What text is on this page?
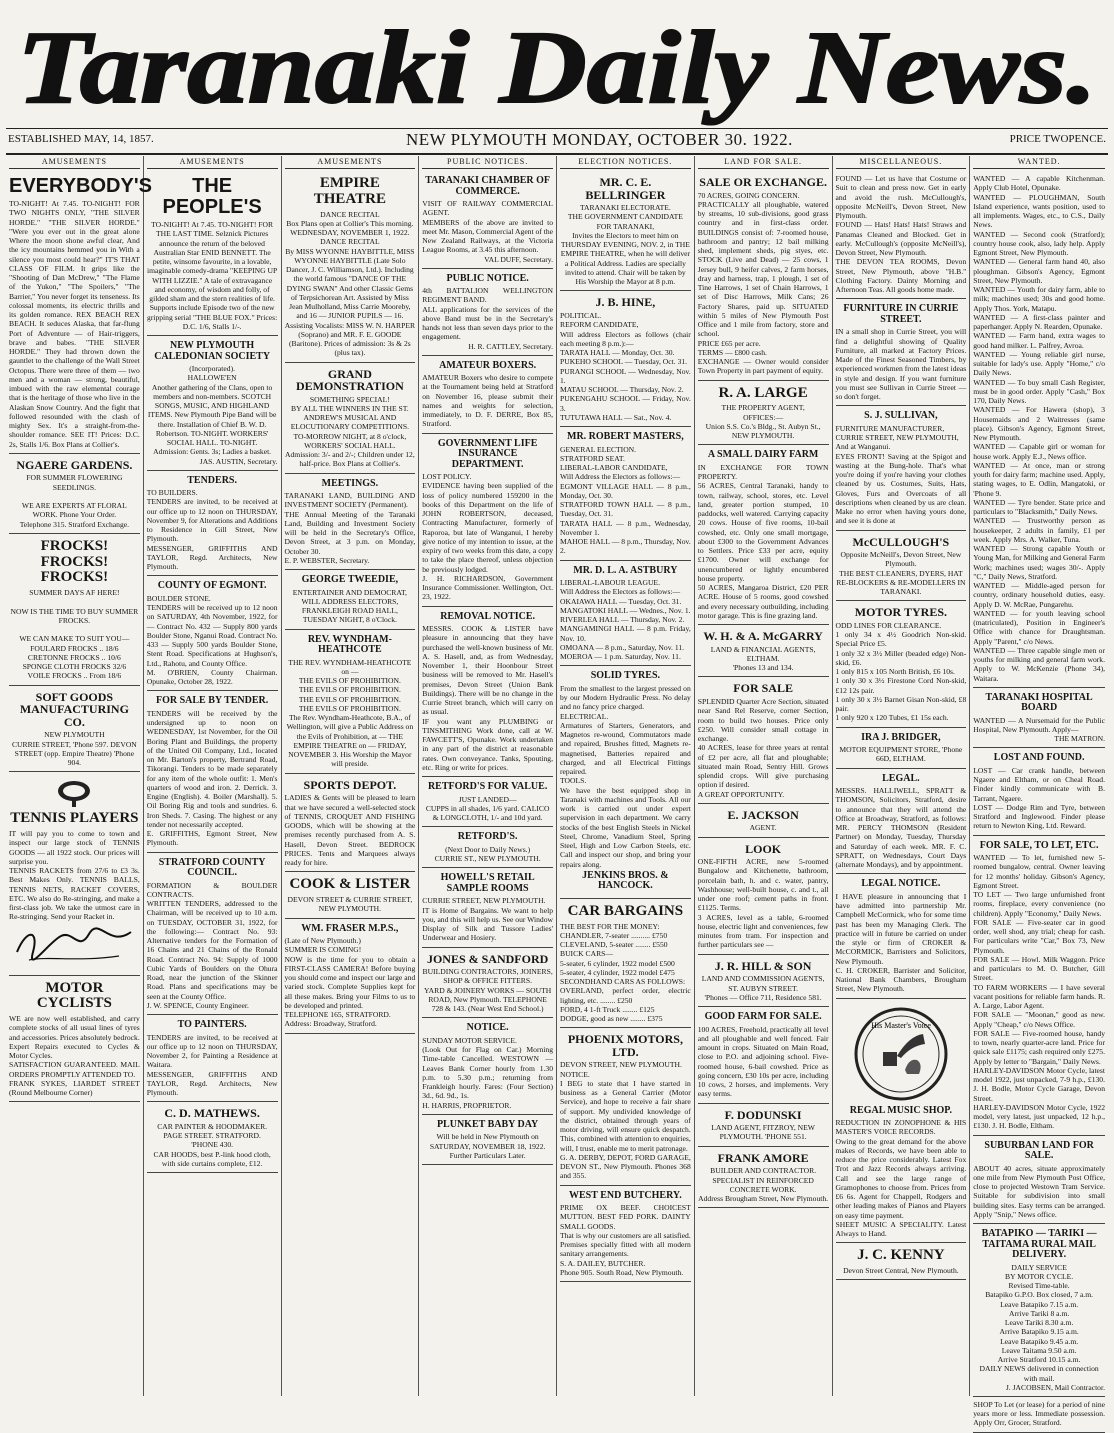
Taranaki Daily News.
ESTABLISHED MAY, 14, 1857.	NEW PLYMOUTH MONDAY, OCTOBER 30. 1922.	PRICE TWOPENCE.
AMUSEMENTS
EVERYBODY'S
TO-NIGHT! At 7.45. TO-NIGHT! FOR TWO NIGHTS ONLY, "THE SILVER HORDE." "THE SILVER HORDE." "Were you ever out in the great alone Where the moon shone awful clear, And the icy mountains hemmed you in With a silence you most could hear?" IT'S THAT CLASS OF FILM. It grips like the "Shooting of Dan McDrew," "The Flame of the Yukon," "The Spoilers," "The Barrier," You never forget its tenseness. Its colossal moments, its electric thrills and its golden romance. REX BEACH REX BEACH. It seduces Alaska, that far-flung Port of Adventure — of Hair-triggers, brave and babes. "THE SILVER HORDE." They had thrown down the gauntlet to the challenge of the Wall Street Octopus. There were three of them — two men and a woman — strong, beautiful, imbued with the raw elemental courage that is the heritage of those who live in the Alaskan Snow Country. And the fight that followed resounded with the clash of mighty Sex. It's a straight-from-the-shoulder romance. SEE IT! Prices: D.C. 2s, Stalls 1/6. Box Plans at Collier's.
NGAERE GARDENS.
FOR SUMMER FLOWERING SEEDLINGS.

WE ARE EXPERTS AT FLORAL WORK. Phone Your Order.
Telephone 315. Stratford Exchange.
FROCKS! FROCKS! FROCKS!
SUMMER DAYS AF HERE!

NOW IS THE TIME TO BUY SUMMER FROCKS.

WE CAN MAKE TO SUIT YOU—
FOULARD FROCKS .. 18/6
CRETONNE FROCKS .. 10/6
SPONGE CLOTH FROCKS 32/6
VOILE FROCKS .. From 18/6
SOFT GOODS MANUFACTURING CO.
NEW PLYMOUTH
CURRIE STREET, 'Phone 597. DEVON STREET (opp. Empire Theatre) 'Phone 904.
TENNIS PLAYERS
IT will pay you to come to town and inspect our large stock of TENNIS GOODS — all 1922 stock. Our prices will surprise you.
TENNIS RACKETS from 27/6 to £3 3s. Best Makes Only. TENNIS BALLS, TENNIS NETS, RACKET COVERS, ETC. We also do Re-stringing, and make a first-class job. We take the utmost care in Re-stringing. Send your Racket in.
MOTOR CYCLISTS
WE are now well established, and carry complete stocks of all usual lines of tyres and accessories. Prices absolutely bedrock. Expert Repairs executed to Cycles & Motor Cycles.
SATISFACTION GUARANTEED. MAIL ORDERS PROMPTLY ATTENDED TO.
FRANK SYKES, LIARDET STREET (Round Melbourne Corner)
AMUSEMENTS
THE PEOPLE'S
TO-NIGHT! At 7.45. TO-NIGHT! FOR THE LAST TIME. Selznick Pictures announce the return of the beloved Australian Star ENID BENNETT. The petite, winsome favourite, in a lovable, imaginable comedy-drama "KEEPING UP WITH LIZZIE." A tale of extravagance and economy, of wisdom and folly, of gilded sham and the stern realities of life. Supports include Episode two of the new gripping serial "THE BLUE FOX." Prices: D.C. 1/6, Stalls 1/-.
NEW PLYMOUTH CALEDONIAN SOCIETY
(Incorporated).
HALLOWE'EN
Another gathering of the Clans, open to members and non-members. SCOTCH SONGS, MUSIC, AND HIGHLAND ITEMS. New Plymouth Pipe Band will be there. Installation of Chief B. W. D. Robertson. TO-NIGHT. WORKERS' SOCIAL HALL. TO-NIGHT.
Admission: Gents. 3s; Ladies a basket.
JAS. AUSTIN, Secretary.
TENDERS.
TO BUILDERS.
TENDERS are invited, to be received at our office up to 12 noon on THURSDAY, November 9, for Alterations and Additions to Residence in Gill Street, New Plymouth.
MESSENGER, GRIFFITHS AND TAYLOR, Regd. Architects, New Plymouth.
COUNTY OF EGMONT.
BOULDER STONE.
TENDERS will be received up to 12 noon on SATURDAY, 4th November, 1922, for— Contract No. 432 — Supply 800 yards Boulder Stone, Nganui Road. Contract No. 433 — Supply 500 yards Boulder Stone, Stent Road. Specifications at Hughson's, Ltd., Rahotu, and County Office.
M. O'BRIEN, County Chairman. Opunake, October 28, 1922.
FOR SALE BY TENDER.
TENDERS will be received by the undersigned up to noon on WEDNESDAY, 1st November, for the Oil Boring Plant and Buildings, the property of the United Oil Company, Ltd., located on Mr. Barton's property, Bertrand Road, Tikorangi. Tenders to be made separately for any item of the whole outfit: 1. Men's quarters of wood and iron. 2. Derrick. 3. Engine (English). 4. Boiler (Marshall). 5. Oil Boring Rig and tools and sundries. 6. Iron Sheds. 7. Casing. The highest or any tender not necessarily accepted.
E. GRIFFITHS, Egmont Street, New Plymouth.
STRATFORD COUNTY COUNCIL.
FORMATION & BOULDER CONTRACTS.
WRITTEN TENDERS, addressed to the Chairman, will be received up to 10 a.m. on TUESDAY, OCTOBER 31, 1922, for the following:— Contract No. 93: Alternative tenders for the Formation of 16 Chains and 21 Chains of the Ronald Road. Contract No. 94: Supply of 1000 Cubic Yards of Boulders on the Ohura Road, near the junction of the Skinner Road. Plans and specifications may be seen at the County Office.
J. W. SPENCE, County Engineer.
TO PAINTERS.
TENDERS are invited, to be received at our office up to 12 noon on THURSDAY, November 2, for Painting a Residence at Waitara.
MESSENGER, GRIFFITHS AND TAYLOR, Regd. Architects, New Plymouth.
C. D. MATHEWS.
CAR PAINTER & HOODMAKER.
PAGE STREET. STRATFORD.
'PHONE 430.
CAR HOODS, best P.-link hood cloth, with side curtains complete, £12.
AMUSEMENTS
EMPIRE THEATRE
DANCE RECITAL
Box Plans open at Collier's This morning.
WEDNESDAY, NOVEMBER 1, 1922.
DANCE RECITAL
By MISS WYONNE HAYBITTLE, MISS WYONNE HAYBITTLE (Late Solo Dancer, J. C. Williamson, Ltd.). Including the world famous "DANCE OF THE DYING SWAN" And other Classic Gems of Terpsichorean Art. Assisted by Miss Jean Mulholland, Miss Carrie Mooreby, and 16 — JUNIOR PUPILS — 16. Assisting Vocalists: MISS W. N. HARPER (Soprano) and MR. F. E. GOODE (Baritone). Prices of admission: 3s & 2s (plus tax).
GRAND DEMONSTRATION
SOMETHING SPECIAL!
BY ALL THE WINNERS IN THE ST. ANDREW'S MUSICAL AND ELOCUTIONARY COMPETITIONS.
TO-MORROW NIGHT, at 8 o'clock, WORKERS' SOCIAL HALL.
Admission: 3/- and 2/-; Children under 12, half-price. Box Plans at Collier's.
MEETINGS.
TARANAKI LAND, BUILDING AND INVESTMENT SOCIETY (Permanent).
THE Annual Meeting of the Taranaki Land, Building and Investment Society will be held in the Secretary's Office, Devon Street, at 3 p.m. on Monday, October 30.
E. P. WEBSTER, Secretary.
GEORGE TWEEDIE,
ENTERTAINER AND DEMOCRAT, WILL ADDRESS ELECTORS, FRANKLEIGH ROAD HALL, TUESDAY NIGHT, 8 o'Clock.
REV. WYNDHAM-HEATHCOTE
THE REV. WYNDHAM-HEATHCOTE on —
THE EVILS OF PROHIBITION.
THE EVILS OF PROHIBITION.
THE EVILS OF PROHIBITION.
THE EVILS OF PROHIBITION.
The Rev. Wyndham-Heathcote, B.A., of Wellington, will give a Public Address on the Evils of Prohibition, at — THE EMPIRE THEATRE on — FRIDAY, NOVEMBER 3. His Worship the Mayor will preside.
SPORTS DEPOT.
LADIES & Gents will be pleased to learn that we have secured a well-selected stock of TENNIS, CROQUET AND FISHING GOODS, which will be showing at the premises recently purchased from A. S. Hasell, Devon Street. BEDROCK PRICES. Tents and Marquees always ready for hire.
COOK & LISTER
DEVON STREET & CURRIE STREET, NEW PLYMOUTH.
WM. FRASER M.P.S.,
(Late of New Plymouth.)
SUMMER IS COMING!
NOW is the time for you to obtain a FIRST-CLASS CAMERA! Before buying you should come and inspect our large and varied stock. Complete Supplies kept for all these makes. Bring your Films to us to be developed and printed.
TELEPHONE 165, STRATFORD.
Address: Broadway, Stratford.
PUBLIC NOTICES.
TARANAKI CHAMBER OF COMMERCE.
VISIT OF RAILWAY COMMERCIAL AGENT.
MEMBERS of the above are invited to meet Mr. Mason, Commercial Agent of the New Zealand Railways, at the Victoria League Rooms, at 3.45 this afternoon.
VAL DUFF, Secretary.
PUBLIC NOTICE.
4th BATTALION WELLINGTON REGIMENT BAND.
ALL applications for the services of the above Band must be in the Secretary's hands not less than seven days prior to the engagement.
H. R. CATTLEY, Secretary.
AMATEUR BOXERS.
AMATEUR Boxers who desire to compete at the Tournament being held at Stratford on November 16, please submit their names and weights for selection, immediately, to D. F. DERRE, Box 85, Stratford.
GOVERNMENT LIFE INSURANCE DEPARTMENT.
LOST POLICY.
EVIDENCE having been supplied of the loss of policy numbered 159200 in the books of this Department on the life of JOHN ROBERTSON, deceased, Contracting Manufacturer, formerly of Raporoa, but late of Wanganui, I hereby give notice of my intention to issue, at the expiry of two weeks from this date, a copy to take the place thereof, unless objection be previously lodged.
J. H. RICHARDSON, Government Insurance Commissioner. Wellington, Oct. 23, 1922.
REMOVAL NOTICE.
MESSRS. COOK & LISTER have pleasure in announcing that they have purchased the well-known business of Mr. A. S. Hasell, and, as from Wednesday, November 1, their Hoonbour Street business will be removed to Mr. Hasell's premises, Devon Street (Union Bank Buildings). There will be no change in the Currie Street branch, which will carry on as usual.
IF you want any PLUMBING or TINSMITHING Work done, call at W. FAWCETT'S, Opunake. Work undertaken in any part of the district at reasonable rates. Own conveyance. Tanks, Spouting, etc. Ring or write for prices.
RETFORD'S FOR VALUE.
JUST LANDED—
CUPPS in all shades, 1/6 yard. CALICO & LONGCLOTH, 1/- and 10d yard.
RETFORD'S.
(Next Door to Daily News.)
CURRIE ST., NEW PLYMOUTH.
HOWELL'S RETAIL SAMPLE ROOMS
CURRIE STREET, NEW PLYMOUTH.
IT is Home of Bargains. We want to help you, and this will help us. See our Window Display of Silk and Tussore Ladies' Underwear and Hosiery.
JONES & SANDFORD
BUILDING CONTRACTORS, JOINERS, SHOP & OFFICE FITTERS.
YARD & JOINERY WORKS — SOUTH ROAD, New Plymouth. TELEPHONE 728 & 143. (Near West End School.)
NOTICE.
SUNDAY MOTOR SERVICE.
(Look Out for Flag on Car.) Morning Time-table Cancelled. WESTOWN — Leaves Bank Corner hourly from 1.30 p.m. to 5.30 p.m.; returning from Frankleigh hourly. Fares: (Four Section) 3d., 6d. 9d., 1s.
H. HARRIS, PROPRIETOR.
PLUNKET BABY DAY
Will be held in New Plymouth on SATURDAY, NOVEMBER 18, 1922. Further Particulars Later.
ELECTION NOTICES.
MR. C. E. BELLRINGER
TARANAKI ELECTORATE.
THE GOVERNMENT CANDIDATE FOR TARANAKI,
Invites the Electors to meet him on THURSDAY EVENING, NOV. 2, in THE EMPIRE THEATRE, when he will deliver a Political Address. Ladies are specially invited to attend. Chair will be taken by His Worship the Mayor at 8 p.m.
J. B. HINE,
POLITICAL.
REFORM CANDIDATE,
Will address Electors as follows (chair each meeting 8 p.m.):—
TARATA HALL — Monday, Oct. 30.
PUKEHO SCHOOL — Tuesday, Oct. 31.
PURANGI SCHOOL — Wednesday, Nov. 1.
MATAU SCHOOL — Thursday, Nov. 2.
PUKENGAHU SCHOOL — Friday, Nov. 3.
TUTUTAWA HALL — Sat., Nov. 4.
MR. ROBERT MASTERS,
GENERAL ELECTION.
STRATFORD SEAT.
LIBERAL-LABOR CANDIDATE,
Will Address the Electors as follows:—
EGMONT VILLAGE HALL — 8 p.m., Monday, Oct. 30.
STRATFORD TOWN HALL — 8 p.m., Tuesday, Oct. 31.
TARATA HALL — 8 p.m., Wednesday, November 1.
MAHOE HALL — 8 p.m., Thursday, Nov. 2.
MR. D. L. A. ASTBURY
LIBERAL-LABOUR LEAGUE.
Will Address the Electors as follows:—
OKAIAWA HALL — Tuesday, Oct. 31.
MANGATOKI HALL — Wednes., Nov. 1.
RIVERLEA HALL — Thursday, Nov. 2.
MANGAMINGI HALL — 8 p.m. Friday, Nov. 10.
OMOANA — 8 p.m., Saturday, Nov. 11.
MOEROA — 1 p.m. Saturday, Nov. 11.
SOLID TYRES.
From the smallest to the largest pressed on by our Modern Hydraulic Press. No delay and no fancy price charged.
ELECTRICAL.
Armatures of Starters, Generators, and Magnetos re-wound, Commutators made and repaired, Brushes fitted, Magnets re-magnetised, Batteries repaired and charged, and all Electrical Fittings repaired.
TOOLS.
We have the best equipped shop in Taranaki with machines and Tools. All our work is carried out under expert supervision in each department. We carry stocks of the best English Steels in Nickel Steel, Chrome, Vanadium Steel, Spring Steel, High and Low Carbon Steels, etc. Call and inspect our shop, and bring your repairs along.
JENKINS BROS. & HANCOCK.
CAR BARGAINS
THE BEST FOR THE MONEY:
CHANDLER, 7-seater .......... £750
CLEVELAND, 5-seater ........ £550
BUICK CARS—
5-seater, 6 cylinder, 1922 model £500
5-seater, 4 cylinder, 1922 model £475
SECONDHAND CARS AS FOLLOWS:
OVERLAND, perfect order, electric lighting, etc. ........ £250
FORD, 4 1-ft Truck ........ £125
DODGE, good as new ........ £375
PHOENIX MOTORS, LTD.
DEVON STREET, NEW PLYMOUTH.
NOTICE.
I BEG to state that I have started in business as a General Carrier (Motor Service), and hope to receive a fair share of support. My undivided knowledge of the district, obtained through years of motor driving, will ensure quick despatch. This, combined with attention to enquiries, will, I trust, enable me to merit patronage.
G. A. DERBY, DEPOT, FORD GARAGE, DEVON ST., New Plymouth. Phones 368 and 355.
WEST END BUTCHERY.
PRIME OX BEEF. CHOICEST MUTTON. BEST FED PORK. DAINTY SMALL GOODS.
That is why our customers are all satisfied. Premises specially fitted with all modern sanitary arrangements.
S. A. DAILEY, BUTCHER.
Phone 905. South Road, New Plymouth.
LAND FOR SALE.
SALE OR EXCHANGE.
70 ACRES, GOING CONCERN.
PRACTICALLY all ploughable, watered by streams, 10 sub-divisions, good grass country and in first-class order. BUILDINGS consist of: 7-roomed house, bathroom and pantry; 12 bail milking shed, implement sheds, pig styes, etc. STOCK (Live and Dead) — 25 cows, 1 Jersey bull, 9 heifer calves, 2 farm horses, dray and harness, trap, 1 plough, 1 set of Tine Harrows, 1 set of Chain Harrows, 1 set of Disc Harrows, Milk Cans; 26 Factory Shares, paid up. SITUATED within 5 miles of New Plymouth Post Office and 1 mile from factory, store and school.
PRICE £65 per acre.
TERMS — £800 cash.
EXCHANGE — Owner would consider Town Property in part payment of equity.
R. A. LARGE
THE PROPERTY AGENT,
OFFICES:—
Union S.S. Co.'s Bldg., St. Aubyn St., NEW PLYMOUTH.
A SMALL DAIRY FARM
IN EXCHANGE FOR TOWN PROPERTY.
56 ACRES, Central Taranaki, handy to town, railway, school, stores, etc. Level land, greater portion stumped, 10 paddocks, well watered. Carrying capacity 20 cows. House of five rooms, 10-bail cowshed, etc. Only one small mortgage, about £300 to the Government Advances to Settlers. Price £33 per acre, equity £1700. Owner will exchange for unencumbered or lightly encumbered house property.
50 ACRES, Mangaroa District, £20 PER ACRE. House of 5 rooms, good cowshed and every necessary outbuilding, including motor garage. This is fine grazing land.
W. H. & A. McGARRY
LAND & FINANCIAL AGENTS, ELTHAM.
'Phones 13 and 134.
FOR SALE
SPLENDID Quarter Acre Section, situated near Sand Rel Reserve, corner Section, room to build two houses. Price only £250. Will consider small cottage in exchange.
40 ACRES, lease for three years at rental of £2 per acre, all flat and ploughable; situated main Road, Sentry Hill. Grows splendid crops. Will give purchasing option if desired.
A GREAT OPPORTUNITY.
E. JACKSON
AGENT.
LOOK
ONE-FIFTH ACRE, new 5-roomed Bungalow and Kitchenette, bathroom, porcelain bath, h. and c. water, pantry, Washhouse; well-built house, c. and t., all under one roof; cement paths in front. £1125. Terms.
3 ACRES, level as a table, 6-roomed house, electric light and conveniences, few minutes from tram. For inspection and further particulars see —
J. R. HILL & SON
LAND AND COMMISSION AGENTS, ST. AUBYN STREET.
'Phones — Office 711, Residence 581.
GOOD FARM FOR SALE.
100 ACRES, Freehold, practically all level and all ploughable and well fenced. Fair amount in crops. Situated on Main Road, close to P.O. and adjoining school. Five-roomed house, 6-bail cowshed. Price as going concern, £30 10s per acre, including 10 cows, 2 horses, and implements. Very easy terms.
F. DODUNSKI
LAND AGENT, FITZROY, NEW PLYMOUTH. 'PHONE 551.
FRANK AMORE
BUILDER AND CONTRACTOR.
SPECIALIST IN REINFORCED CONCRETE WORK.
Address Brougham Street, New Plymouth.
MISCELLANEOUS.
FOUND — Let us have that Costume or Suit to clean and press now. Get in early and avoid the rush. McCullough's, opposite McNeill's, Devon Street, New Plymouth.
FOUND — Hats! Hats! Hats! Straws and Panamas Cleaned and Blocked. Get in early. McCullough's (opposite McNeill's), Devon Street, New Plymouth.
THE DEVON TEA ROOMS, Devon Street, New Plymouth, above "H.B." Clothing Factory. Dainty Morning and Afternoon Teas. All goods home made.
FURNITURE IN CURRIE STREET.
IN a small shop in Currie Street, you will find a delightful showing of Quality Furniture, all marked at Factory Prices. Made of the Finest Seasoned Timbers, by experienced workmen from the latest ideas in style and design. If you want furniture you must see Sullivan in Currie Street — so don't forget.
S. J. SULLIVAN,
FURNITURE MANUFACTURER,
CURRIE STREET, NEW PLYMOUTH,
And at Wanganui.
EYES FRONT! Saving at the Spigot and wasting at the Bung-hole. That's what you're doing if you're having your clothes cleaned by us. Costumes, Suits, Hats, Gloves, Furs and Overcoats of all descriptions when cleaned by us are clean. Make no error when having yours done, and see it is done at
McCULLOUGH'S
Opposite McNeill's, Devon Street, New Plymouth.
THE BEST CLEANERS, DYERS, HAT RE-BLOCKERS & RE-MODELLERS IN TARANAKI.
MOTOR TYRES.
ODD LINES FOR CLEARANCE.
1 only 34 x 4½ Goodrich Non-skid. Special Price £5.
1 only 32 x 3½ Miller (beaded edge) Non-skid, £6.
1 only 815 x 105 North British, £6 10s.
1 only 30 x 3½ Firestone Cord Non-skid, £12 12s pair.
1 only 30 x 3½ Barnet Gisan Non-skid, £8 pair.
1 only 920 x 120 Tubes, £1 15s each.
IRA J. BRIDGER,
MOTOR EQUIPMENT STORE, 'Phone 66D, ELTHAM.
LEGAL.
MESSRS. HALLIWELL, SPRATT & THOMSON, Solicitors, Stratford, desire to announce that they will attend the Office at Broadway, Stratford, as follows: MR. PERCY THOMSON (Resident Partner) on Monday, Tuesday, Thursday and Saturday of each week. MR. F. C. SPRATT, on Wednesdays, Court Days (alternate Mondays), and by appointment.
LEGAL NOTICE.
I HAVE pleasure in announcing that I have admitted into partnership Mr. Campbell McCormick, who for some time past has been my Managing Clerk. The practice will in future be carried on under the style or firm of CROKER & McCORMICK, Barristers and Solicitors, New Plymouth.
C. H. CROKER, Barrister and Solicitor, National Bank Chambers, Brougham Street, New Plymouth.
His Master's Voice
REGAL MUSIC SHOP.
REDUCTION IN ZONOPHONE & HIS MASTER'S VOICE RECORDS.
Owing to the great demand for the above makes of Records, we have been able to reduce the price considerably. Latest Fox Trot and Jazz Records always arriving. Call and see the large range of Gramophones to choose from. Prices from £6 6s. Agent for Chappell, Rodgers and other leading makes of Pianos and Players on easy time payment.
SHEET MUSIC A SPECIALITY. Latest Always to Hand.
J. C. KENNY
Devon Street Central, New Plymouth.
WANTED.
WANTED — A capable Kitchenman. Apply Club Hotel, Opunake.
WANTED — PLOUGHMAN, South Island experience, wants position, used to all implements. Wages, etc., to C.S., Daily News.
WANTED — Second cook (Stratford); country house cook, also, lady help. Apply Egmont Street, New Plymouth.
WANTED — General farm hand 40, also ploughman. Gibson's Agency, Egmont Street, New Plymouth.
WANTED — Youth for dairy farm, able to milk; machines used; 30s and good home. Apply Thos. York, Matapu.
WANTED — A first-class painter and paperhanger. Apply N. Rearden, Opunake.
WANTED — Farm hand, extra wages to good hand milker. L. Palfrey, Avroa.
WANTED — Young reliable girl nurse, suitable for lady's use. Apply "Home," c/o Daily News.
WANTED — To buy small Cash Register, must be in good order. Apply "Cash," Box 170, Daily News.
WANTED — For Hawera (shop), 3 Housemaids and 2 Waitresses (same place). Gibson's Agency, Egmont Street, New Plymouth.
WANTED — Capable girl or woman for house work. Apply E.J., News office.
WANTED — At once, man or strong youth for dairy farm; machine used. Apply, stating wages, to E. Odlin, Mangatoki, or 'Phone 9.
WANTED — Tyre bender. State price and particulars to "Blacksmith," Daily News.
WANTED — Trustworthy person as housekeeper, 2 adults in family, £1 per week. Apply Mrs. A. Walker, Tuna.
WANTED — Strong capable Youth or Young Man, for Milking and General Farm Work; machines used; wages 30/-. Apply "C," Daily News, Stratford.
WANTED — Middle-aged person for country, ordinary household duties, easy. Apply D. W. McRae, Pungarehu.
WANTED — for youth leaving school (matriculated), Position in Engineer's Office with chance for Draughtsman. Apply "Parent," c/o News.
WANTED — Three capable single men or youths for milking and general farm work. Apply to W. McKenzie (Phone 34), Waitara.
TARANAKI HOSPITAL BOARD
WANTED — A Nursemaid for the Public Hospital, New Plymouth. Apply—
THE MATRON.
LOST AND FOUND.
LOST — Car crank handle, between Ngaere and Eltham, or on Cheal Road. Finder kindly communicate with B. Tarrant, Ngaere.
LOST — Dodge Rim and Tyre, between Stratford and Inglewood. Finder please return to Newton King, Ltd. Reward.
FOR SALE, TO LET, ETC.
WANTED — To let, furnished new 5-roomed bungalow, central. Owner leaving for 12 months' holiday. Gibson's Agency, Egmont Street.
TO LET — Two large unfurnished front rooms, fireplace, every convenience (no children). Apply "Economy," Daily News.
FOR SALE — Five-seater car in good order, well shod, any trial; cheap for cash. For particulars write "Car," Box 73, New Plymouth.
FOR SALE — Howl. Milk Waggon. Price and particulars to M. O. Butcher, Gill Street.
TO FARM WORKERS — I have several vacant positions for reliable farm hands. R. A. Large, Labor Agent.
FOR SALE — "Moonan," good as new. Apply "Cheap," c/o News Office.
FOR SALE — Five-roomed house, handy to town, nearly quarter-acre land. Price for quick sale £1175; cash required only £275. Apply by letter to "Bargain," Daily News.
HARLEY-DAVIDSON Motor Cycle, latest model 1922, just unpacked, 7-9 h.p., £130. J. H. Bodle, Motor Cycle Garage, Devon Street.
HARLEY-DAVIDSON Motor Cycle, 1922 model, very latest, just unpacked, 12 h.p., £130. J. H. Bodle, Eltham.
SUBURBAN LAND FOR SALE.
ABOUT 40 acres, situate approximately one mile from New Plymouth Post Office, close to projected Westown Tram Service. Suitable for subdivision into small building sites. Easy terms can be arranged. Apply "Snip," News office.
BATAPIKO — TARIKI — TAITAMA RURAL MAIL DELIVERY.
DAILY SERVICE
BY MOTOR CYCLE.
Revised Time-table.
Batapiko G.P.O. Box closed, 7 a.m.
Leave Batapiko 7.15 a.m.
Arrive Tariki 8 a.m.
Leave Tariki 8.30 a.m.
Arrive Batapiko 9.15 a.m.
Leave Batapiko 9.45 a.m.
Leave Taitama 9.50 a.m.
Arrive Stratford 10.15 a.m.
DAILY NEWS delivered in connection with mail.
J. JACOBSEN, Mail Contractor.
SHOP To Let (or lease) for a period of nine years more or less. Immediate possession. Apply Orr, Grocer, Stratford.
